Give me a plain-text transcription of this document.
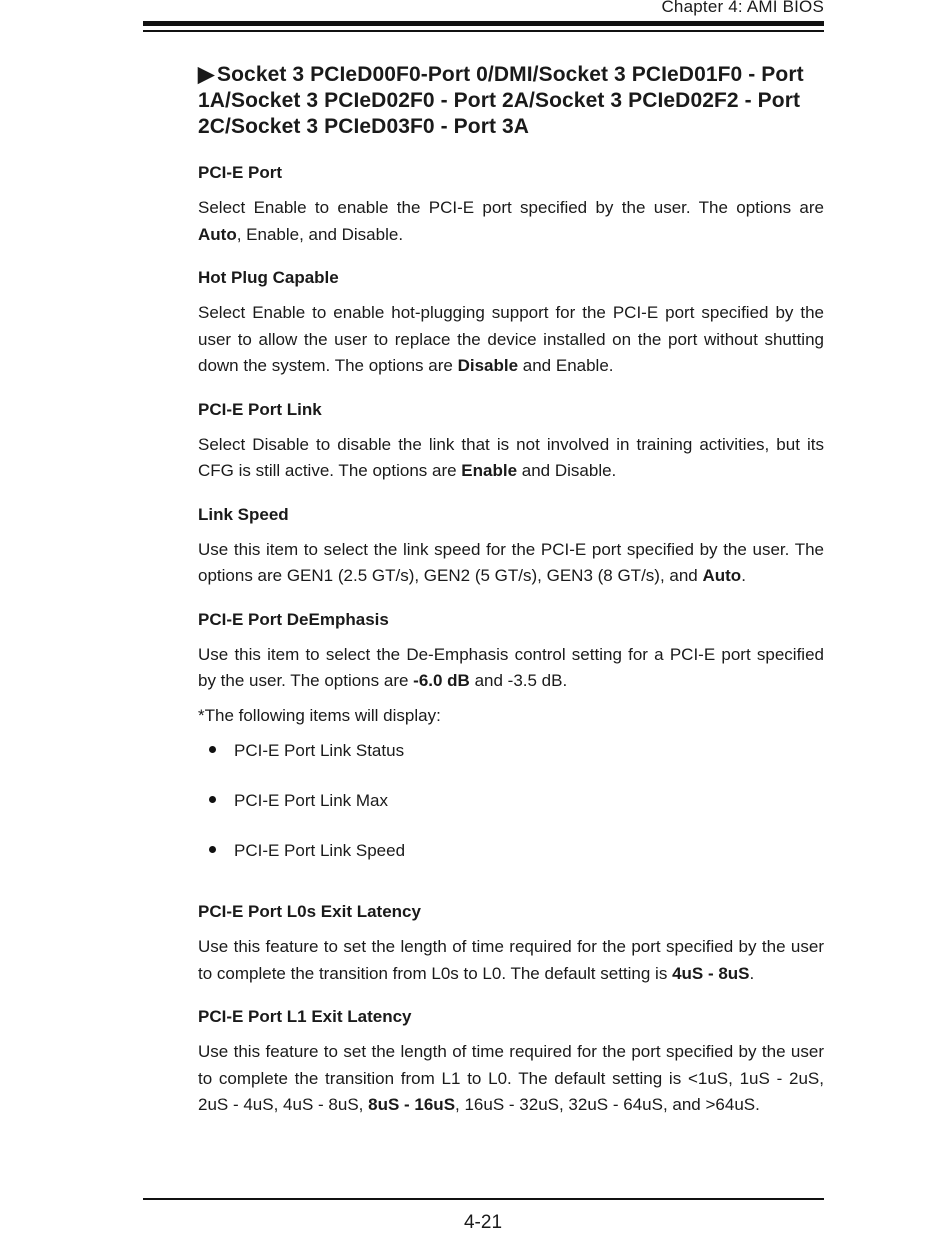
Chapter 4: AMI BIOS
▶ Socket 3 PCIeD00F0-Port 0/DMI/Socket 3 PCIeD01F0 - Port 1A/Socket 3 PCIeD02F0 - Port 2A/Socket 3 PCIeD02F2 - Port 2C/Socket 3 PCIeD03F0 - Port 3A
PCI-E Port

Select Enable to enable the PCI-E port specified by the user. The options are Auto, Enable, and Disable.

Hot Plug Capable

Select Enable to enable hot-plugging support for the PCI-E port specified by the user to allow the user to replace the device installed on the port without shutting down the system. The options are Disable and Enable.

PCI-E Port Link

Select Disable to disable the link that is not involved in training activities, but its CFG is still active. The options are Enable and Disable.

Link Speed

Use this item to select the link speed for the PCI-E port specified by the user. The options are GEN1 (2.5 GT/s), GEN2 (5 GT/s), GEN3 (8 GT/s), and Auto.

PCI-E Port DeEmphasis

Use this item to select the De-Emphasis control setting for a PCI-E port specified by the user. The options are -6.0 dB and -3.5 dB.

*The following items will display:

PCI-E Port Link Status
PCI-E Port Link Max
PCI-E Port Link Speed
PCI-E Port L0s Exit Latency

Use this feature to set the length of time required for the port specified by the user to complete the transition from L0s to L0. The default setting is 4uS - 8uS.

PCI-E Port L1 Exit Latency

Use this feature to set the length of time required for the port specified by the user to complete the transition from L1 to L0. The default setting is <1uS, 1uS - 2uS, 2uS - 4uS, 4uS - 8uS, 8uS - 16uS, 16uS - 32uS, 32uS - 64uS, and >64uS.

4-21
